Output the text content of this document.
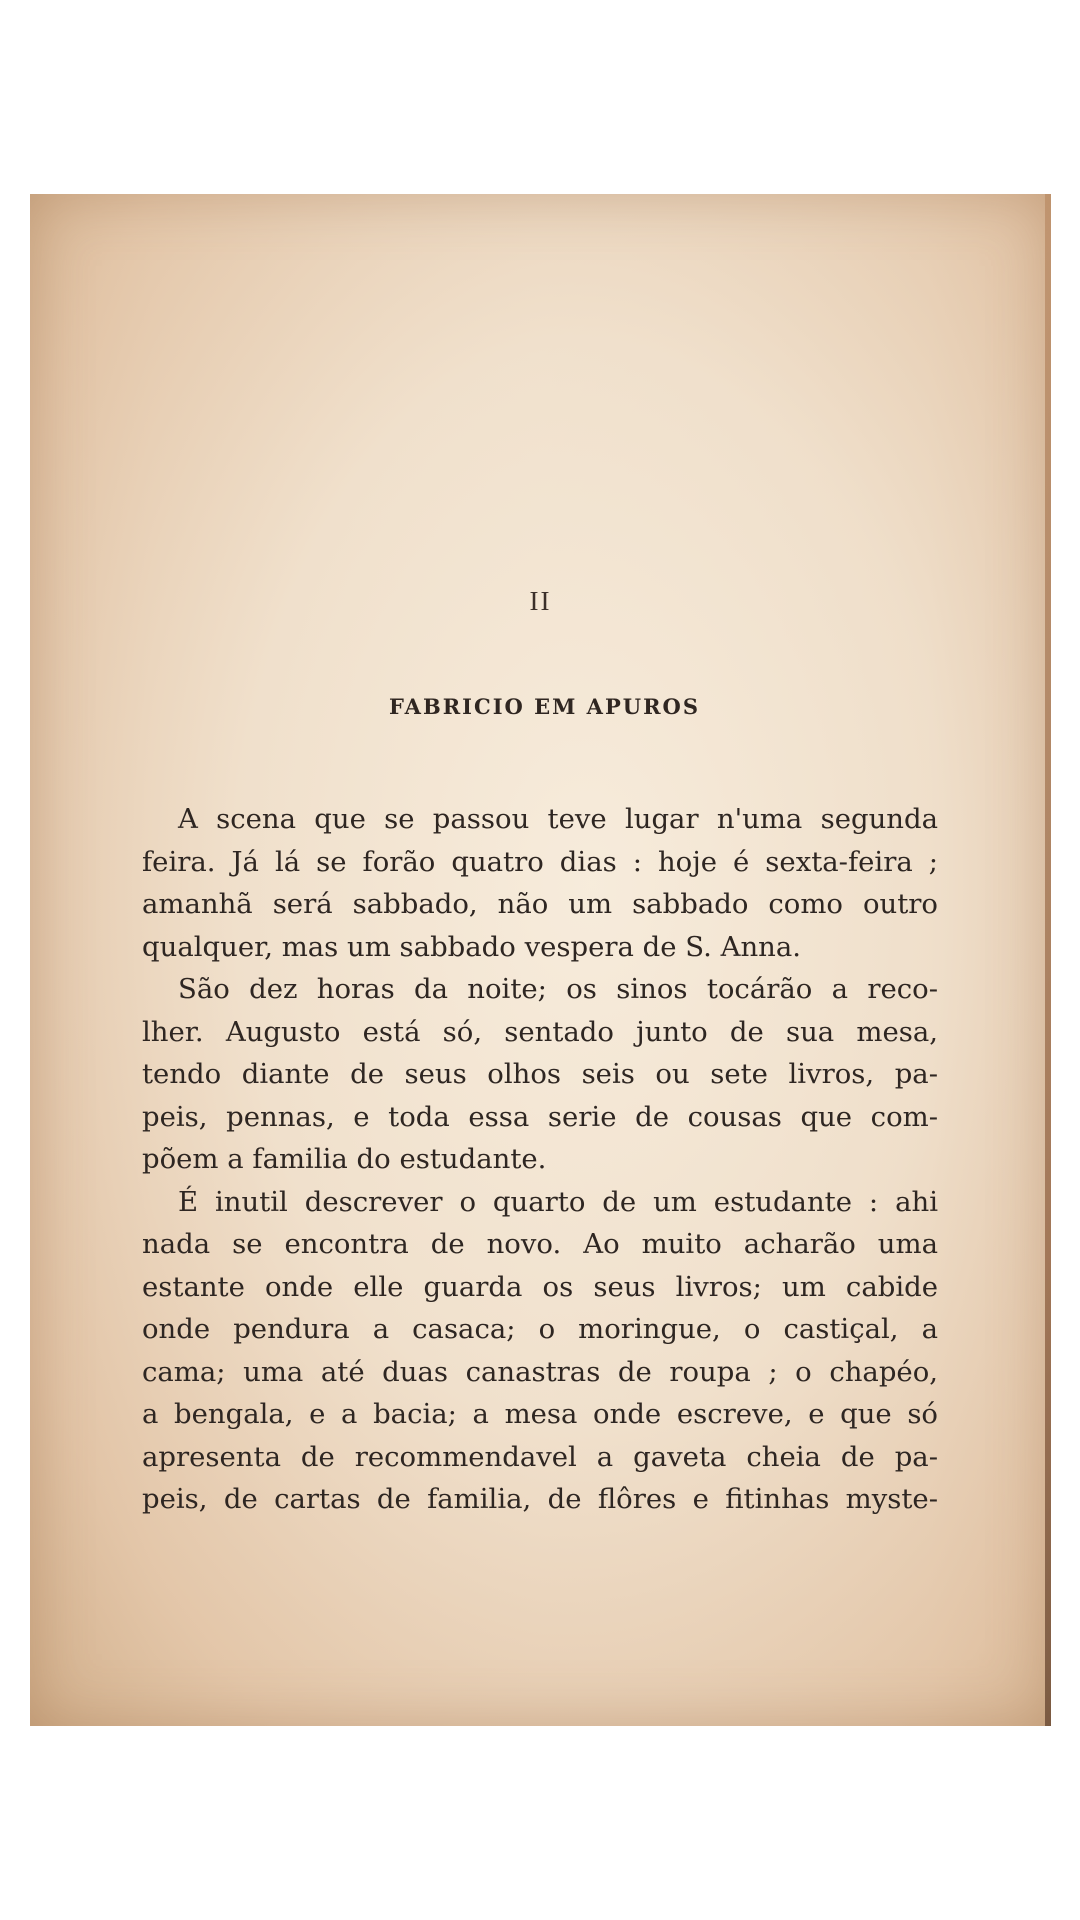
II
FABRICIO EM APUROS
A scena que se passou teve lugar n'uma segunda
feira. Já lá se forão quatro dias : hoje é sexta-feira ;
amanhã será sabbado, não um sabbado como outro
qualquer, mas um sabbado vespera de S. Anna.
São dez horas da noite; os sinos tocárão a reco-
lher. Augusto está só, sentado junto de sua mesa,
tendo diante de seus olhos seis ou sete livros, pa-
peis, pennas, e toda essa serie de cousas que com-
põem a familia do estudante.
É inutil descrever o quarto de um estudante : ahi
nada se encontra de novo. Ao muito acharão uma
estante onde elle guarda os seus livros; um cabide
onde pendura a casaca; o moringue, o castiçal, a
cama; uma até duas canastras de roupa ; o chapéo,
a bengala, e a bacia; a mesa onde escreve, e que só
apresenta de recommendavel a gaveta cheia de pa-
peis, de cartas de familia, de flôres e fitinhas myste-
